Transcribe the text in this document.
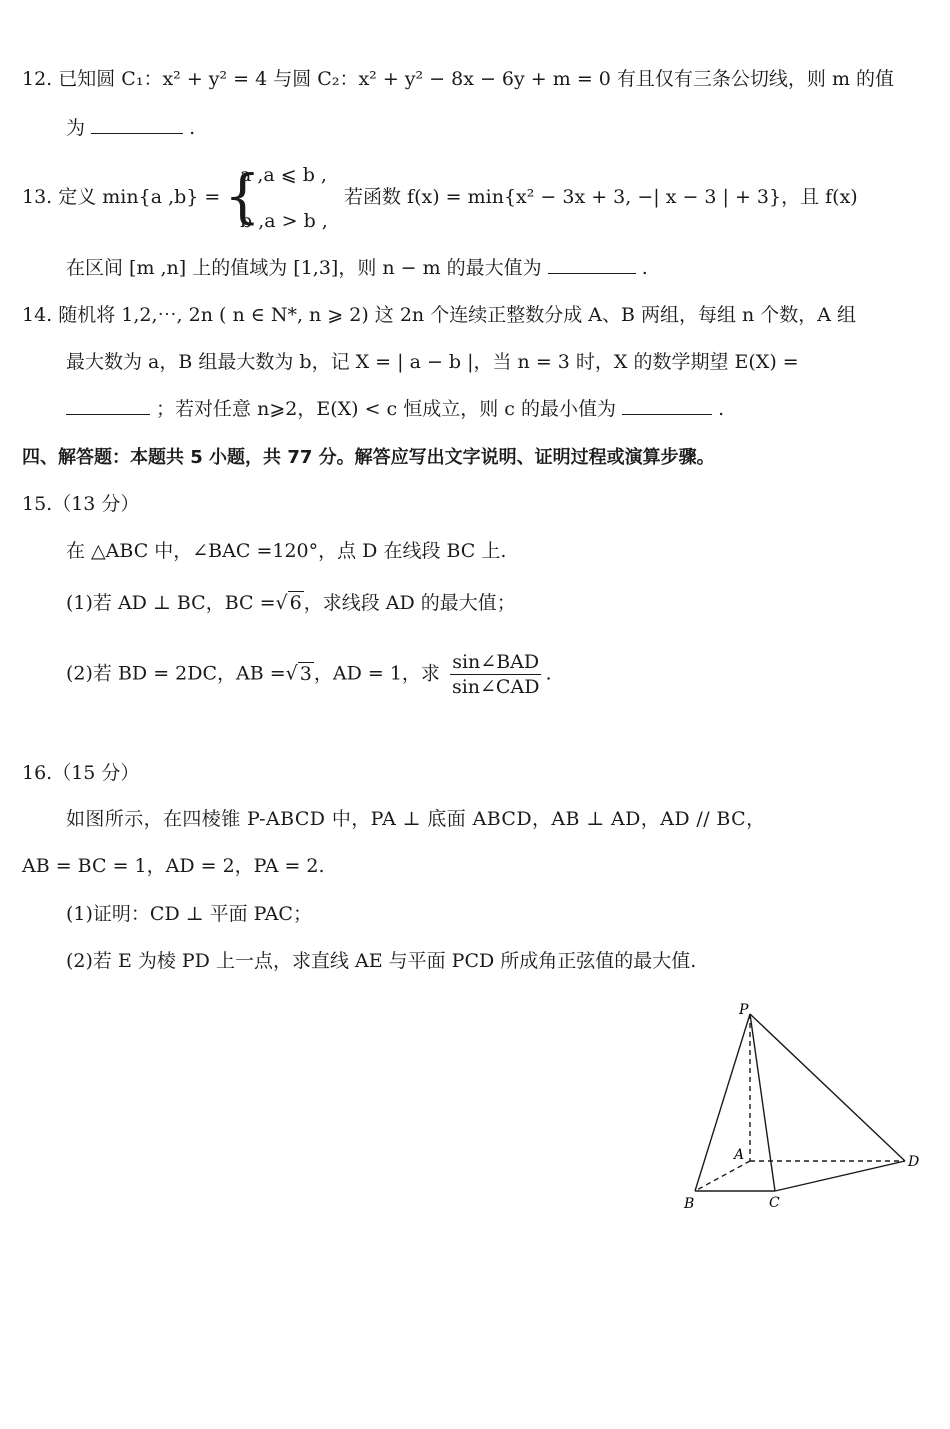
12. 已知圆 C₁：x² + y² = 4 与圆 C₂：x² + y² − 8x − 6y + m = 0 有且仅有三条公切线，则 m 的值
为	.
13. 定义 min{a ,b} = {
a ,a ⩽ b ,
b ,a > b ,
若函数 f(x) = min{x² − 3x + 3, −| x − 3 | + 3}，且 f(x)
在区间 [m ,n] 上的值域为 [1,3]，则 n − m 的最大值为	.
14. 随机将 1,2,⋯, 2n ( n ∈ N*, n ⩾ 2) 这 2n 个连续正整数分成 A、B 两组，每组 n 个数，A 组
最大数为 a，B 组最大数为 b，记 X = | a − b |，当 n = 3 时，X 的数学期望 E(X) =
；若对任意 n⩾2，E(X) < c 恒成立，则 c 的最小值为	.
四、解答题：本题共 5 小题，共 77 分。解答应写出文字说明、证明过程或演算步骤。
15.（13 分）
在 △ABC 中，∠BAC =120°，点 D 在线段 BC 上.
(1)若 AD ⊥ BC，BC =√ 6 ，求线段 AD 的最大值；
(2)若 BD = 2DC，AB =√ 3 ，AD = 1，求 $\frac{\text{sin∠BAD}}{\text{sin∠CAD}}$ .
16.（15 分）
如图所示，在四棱锥 P-ABCD 中，PA ⊥ 底面 ABCD，AB ⊥ AD，AD // BC，
AB = BC = 1，AD = 2，PA = 2.
(1)证明：CD ⊥ 平面 PAC；
(2)若 E 为棱 PD 上一点，求直线 AE 与平面 PCD 所成角正弦值的最大值.
P
A
B	C
D
